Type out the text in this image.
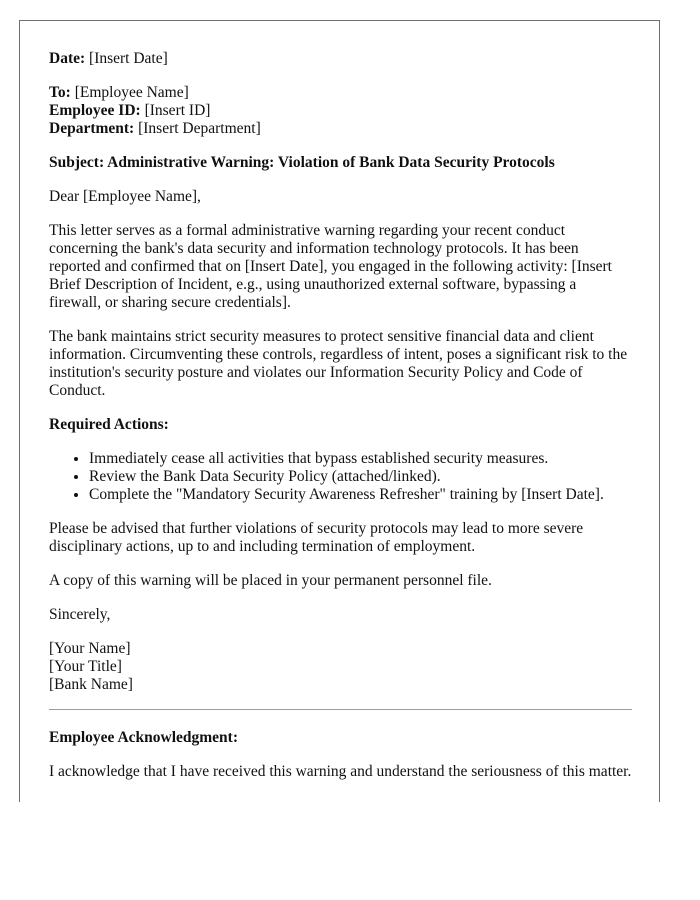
Date: [Insert Date]

To: [Employee Name]
Employee ID: [Insert ID]
Department: [Insert Department]

Subject: Administrative Warning: Violation of Bank Data Security Protocols

Dear [Employee Name],

This letter serves as a formal administrative warning regarding your recent conduct concerning the bank's data security and information technology protocols. It has been reported and confirmed that on [Insert Date], you engaged in the following activity: [Insert Brief Description of Incident, e.g., using unauthorized external software, bypassing a firewall, or sharing secure credentials].

The bank maintains strict security measures to protect sensitive financial data and client information. Circumventing these controls, regardless of intent, poses a significant risk to the institution's security posture and violates our Information Security Policy and Code of Conduct.

Required Actions:

• Immediately cease all activities that bypass established security measures.
• Review the Bank Data Security Policy (attached/linked).
• Complete the "Mandatory Security Awareness Refresher" training by [Insert Date].

Please be advised that further violations of security protocols may lead to more severe disciplinary actions, up to and including termination of employment.

A copy of this warning will be placed in your permanent personnel file.

Sincerely,

[Your Name]
[Your Title]
[Bank Name]

Employee Acknowledgment:

I acknowledge that I have received this warning and understand the seriousness of this matter.
